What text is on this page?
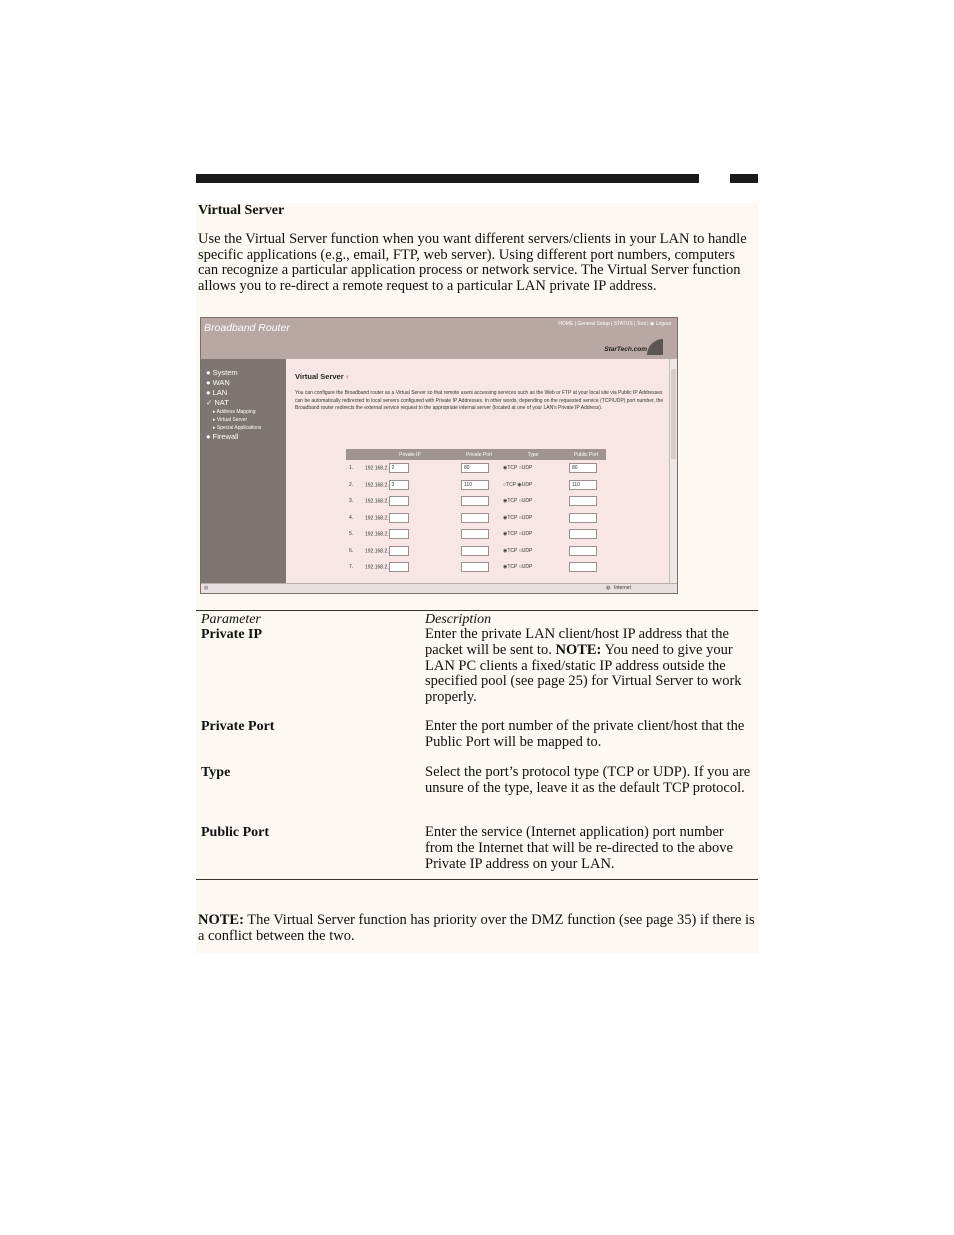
Virtual Server
Use the Virtual Server function when you want different servers/clients in your LAN to handle specific applications (e.g., email, FTP, web server). Using different port numbers, computers can recognize a particular application process or network service. The Virtual Server function allows you to re-direct a remote request to a particular LAN private IP address.
Broadband Router	HOME | General Setup | STATUS | Tool | ◉ Logout
StarTech.com
● System
● WAN
● LAN
✓ NAT
▸ Address Mapping
▸ Virtual Server
▸ Special Applications
● Firewall
Virtual Server ◐
You can configure the Broadband router as a Virtual Server so that remote users accessing services such as the Web or FTP at your local site via Public IP Addresses can be automatically redirected to local servers configured with Private IP Addresses. In other words, depending on the requested service (TCP/UDP) port number, the Broadband router redirects the external service request to the appropriate internal server (located at one of your LAN's Private IP Address).
	Private IP	Private Port	Type	Public Port
1.	192.168.2. 2	80	◉TCP ○UDP	80
2.	192.168.2. 3	110	○TCP ◉UDP	110
3.	192.168.2.		◉TCP ○UDP	
4.	192.168.2.		◉TCP ○UDP	
5.	192.168.2.		◉TCP ○UDP	
6.	192.168.2.		◉TCP ○UDP	
7.	192.168.2.		◉TCP ○UDP	
◎	◍ Internet
Parameter	Description
Private IP	Enter the private LAN client/host IP address that the packet will be sent to. NOTE: You need to give your LAN PC clients a fixed/static IP address outside the specified pool (see page 25) for Virtual Server to work properly.
Private Port	Enter the port number of the private client/host that the Public Port will be mapped to.
Type	Select the port’s protocol type (TCP or UDP). If you are unsure of the type, leave it as the default TCP protocol.
Public Port	Enter the service (Internet application) port number from the Internet that will be re-directed to the above Private IP address on your LAN.
NOTE: The Virtual Server function has priority over the DMZ function (see page 35) if there is a conflict between the two.
